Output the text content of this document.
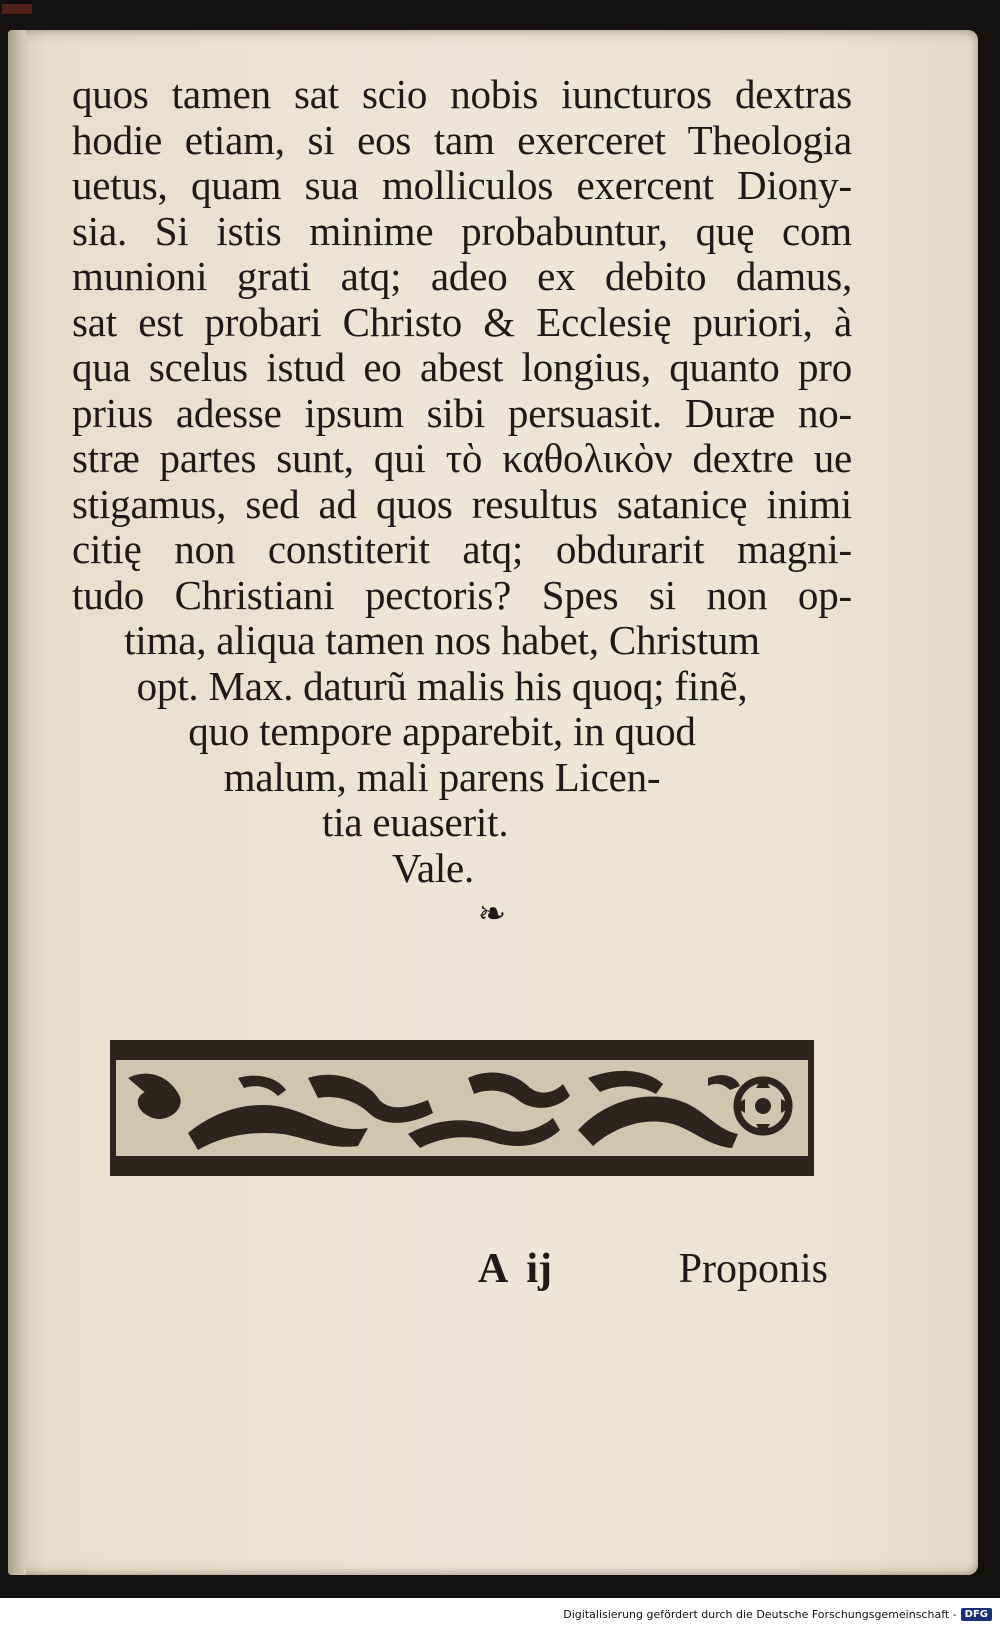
quos tamen sat scio nobis iuncturos dextras
hodie etiam, si eos tam exerceret Theologia
uetus, quam sua molliculos exercent Diony-
sia. Si istis minime probabuntur, quę com
munioni grati atq; adeo ex debito damus,
sat est probari Christo & Ecclesię puriori, à
qua scelus istud eo abest longius, quanto pro
prius adesse ipsum sibi persuasit. Duræ no-
stræ partes sunt, qui τὸ καθολικὸν dextre ue
stigamus, sed ad quos resultus satanicę inimi
citię non constiterit atq; obdurarit magni-
tudo Christiani pectoris? Spes si non op-
tima, aliqua tamen nos habet, Christum
opt. Max. daturũ malis his quoq; finẽ,
quo tempore apparebit, in quod
malum, mali parens Licen-
tia euaserit.
Vale.
❧
A ij	Proponis
Digitalisierung gefördert durch die Deutsche Forschungsgemeinschaft - DFG
